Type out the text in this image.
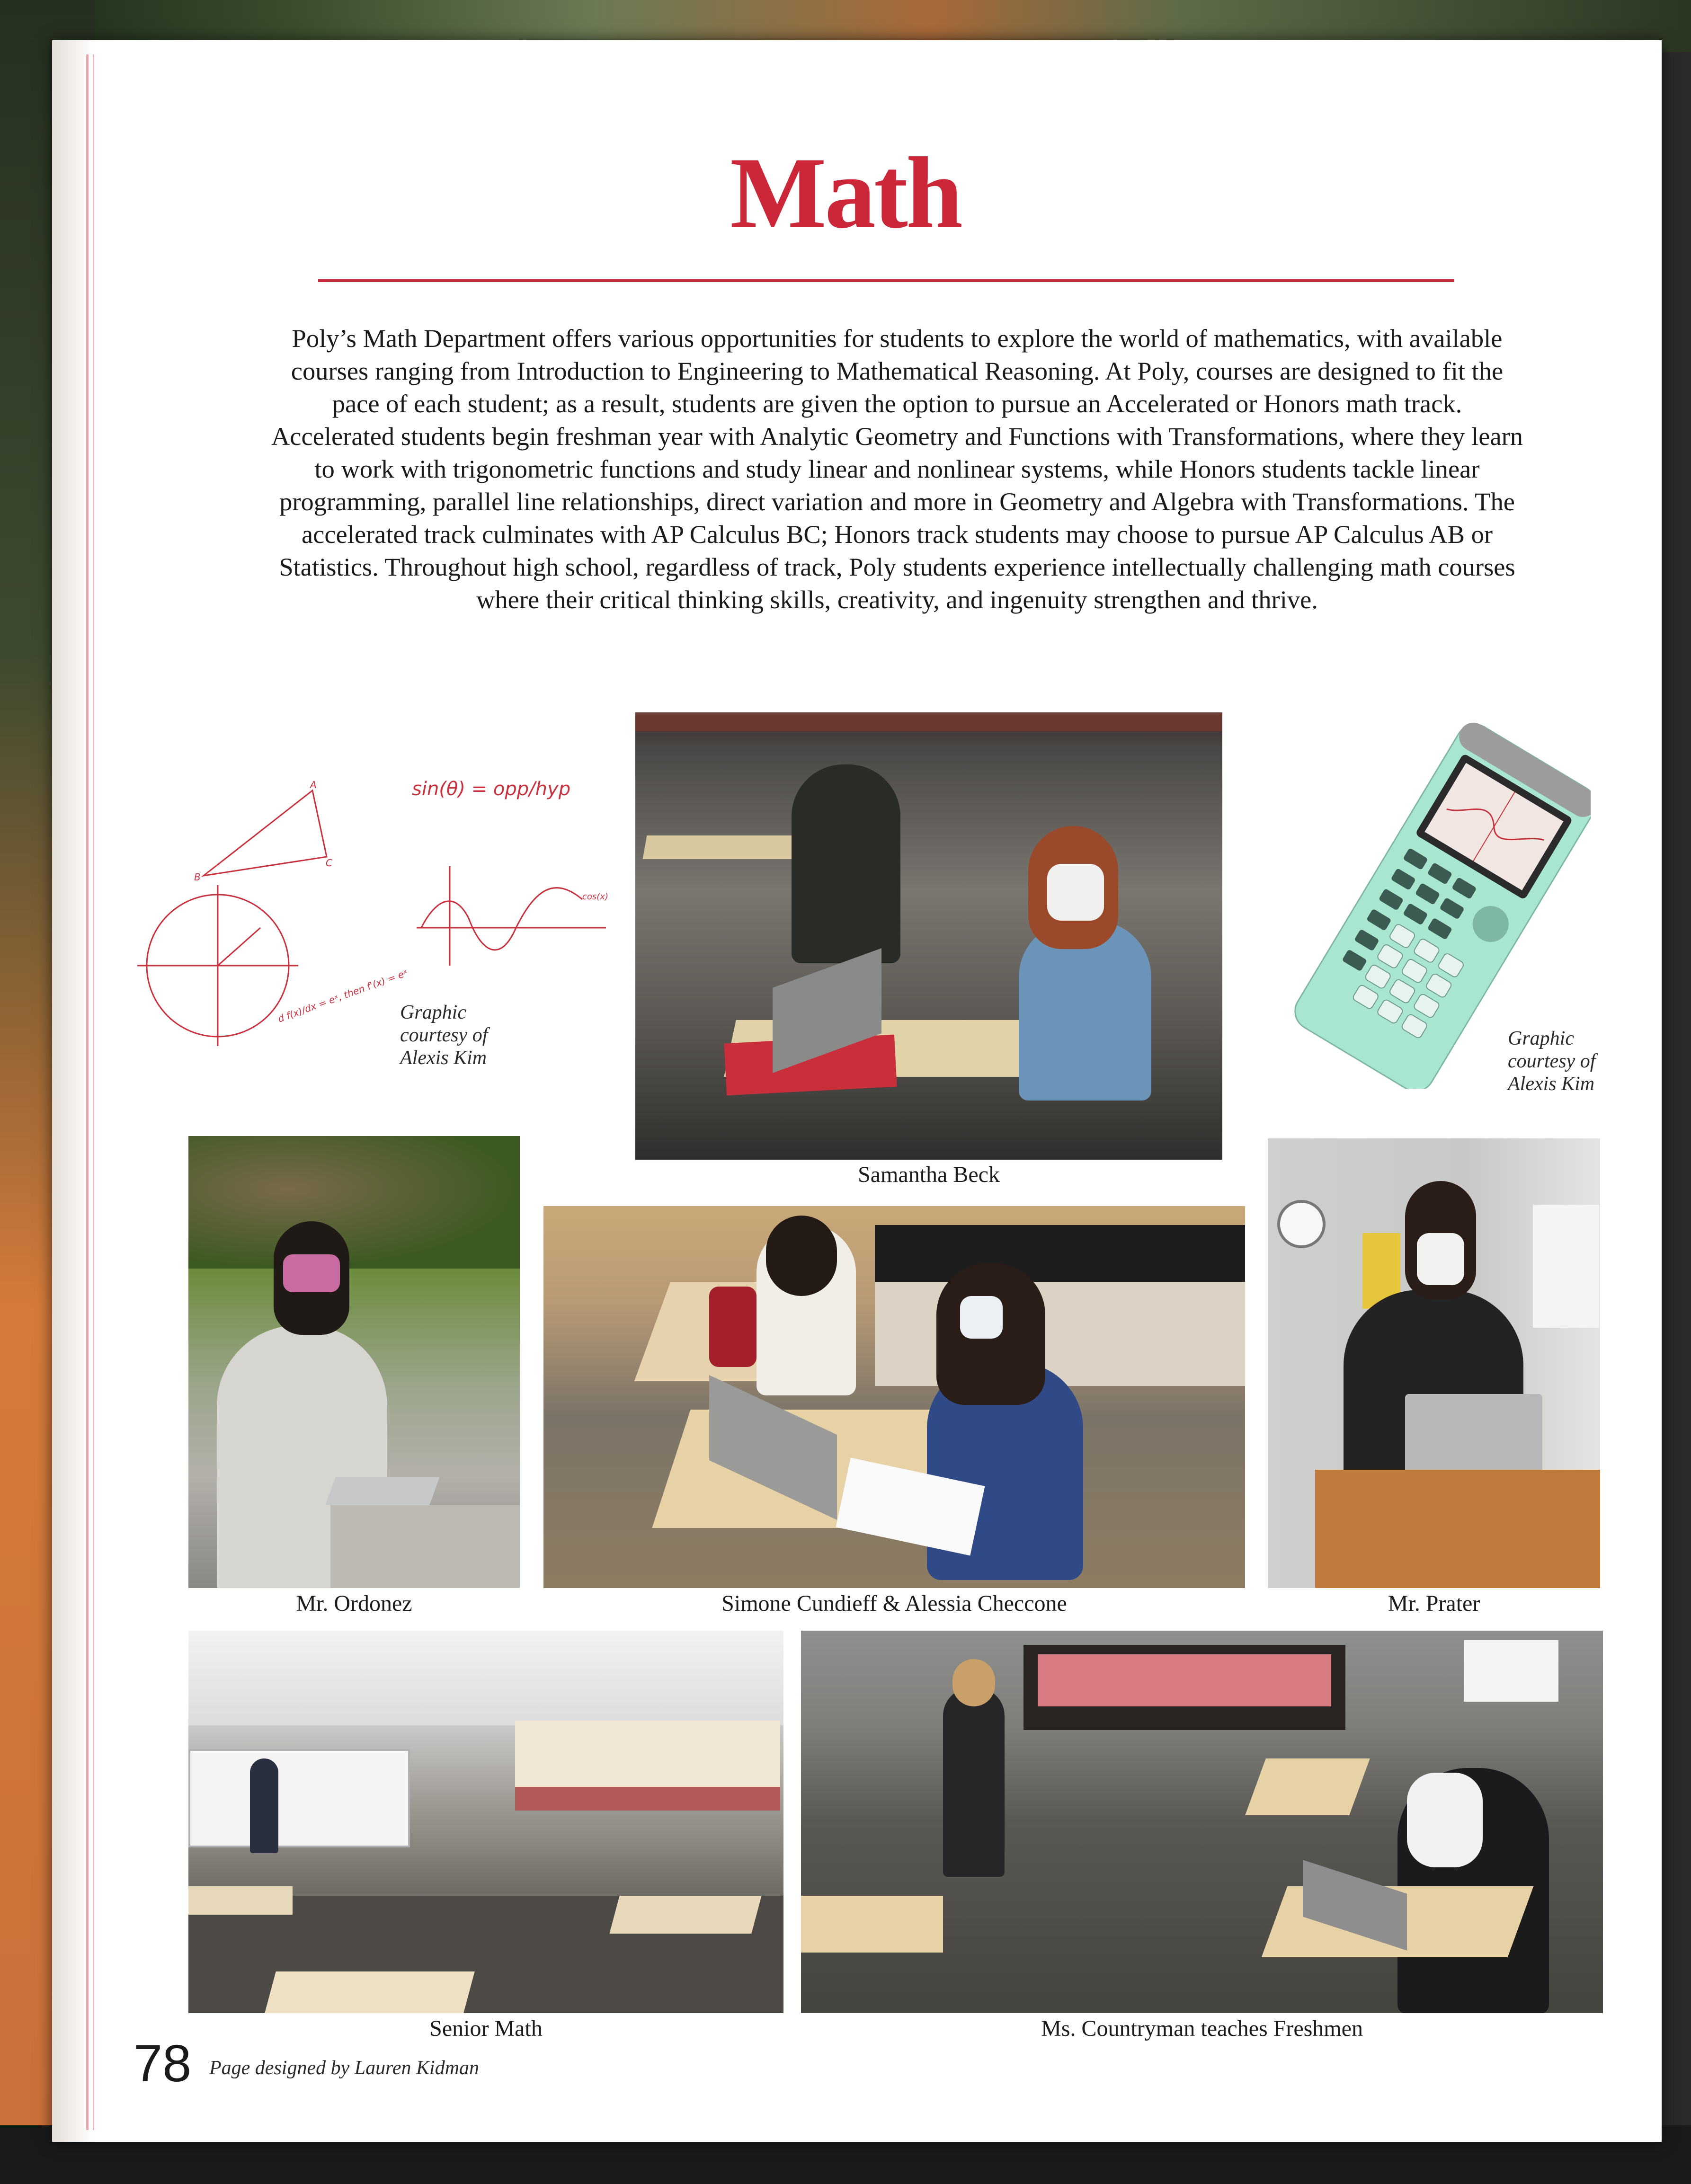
Math

Poly’s Math Department offers various opportunities for students to explore the world of mathematics, with available courses ranging from Introduction to Engineering to Mathematical Reasoning. At Poly, courses are designed to fit the pace of each student; as a result, students are given the option to pursue an Accelerated or Honors math track. Accelerated students begin freshman year with Analytic Geometry and Functions with Transformations, where they learn to work with trigonometric functions and study linear and nonlinear systems, while Honors students tackle linear programming, parallel line relationships, direct variation and more in Geometry and Algebra with Transformations. The accelerated track culminates with AP Calculus BC; Honors track students may choose to pursue AP Calculus AB or Statistics. Throughout high school, regardless of track, Poly students experience intellectually challenging math courses where their critical thinking skills, creativity, and ingenuity strengthen and thrive.

sin(θ) = opp/hyp
cos(x)
A
B
C
d f(x)/dx = eˣ, then f'(x) = eˣ
Graphic
courtesy of
Alexis Kim
Samantha Beck
Graphic
courtesy of
Alexis Kim
Mr. Ordonez	Simone Cundieff & Alessia Checcone	Mr. Prater
Senior Math	Ms. Countryman teaches Freshmen
78 Page designed by Lauren Kidman
